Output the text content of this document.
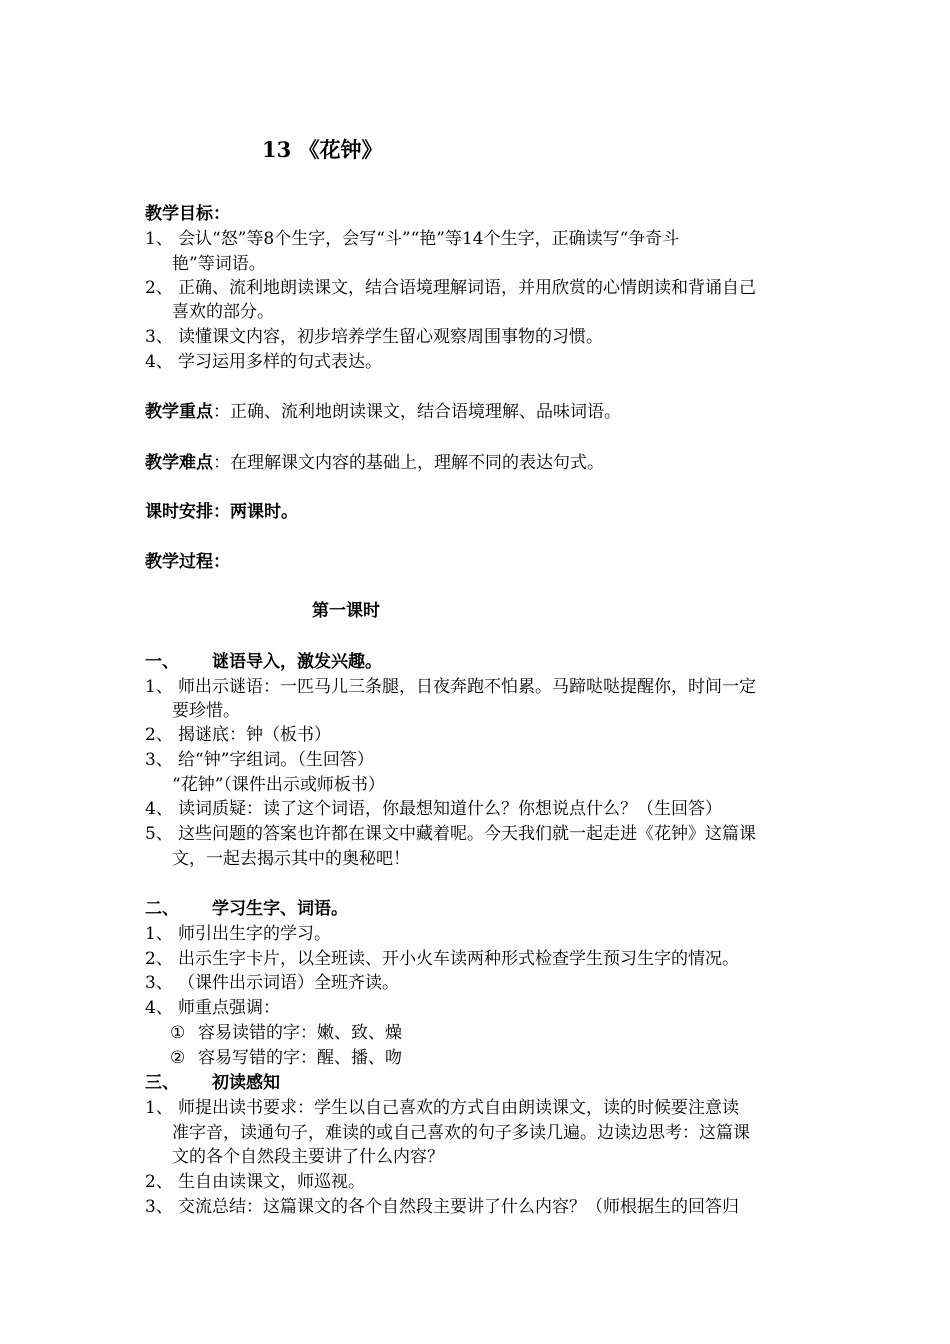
13 《花钟》
教学目标：
1、 会认“怒”等8个生字，会写“斗”“艳”等14个生字，正确读写“争奇斗
艳”等词语。
2、 正确、流利地朗读课文，结合语境理解词语，并用欣赏的心情朗读和背诵自己
喜欢的部分。
3、 读懂课文内容，初步培养学生留心观察周围事物的习惯。
4、 学习运用多样的句式表达。
教学重点：正确、流利地朗读课文，结合语境理解、品味词语。
教学难点：在理解课文内容的基础上，理解不同的表达句式。
课时安排：两课时。
教学过程：
第一课时
一、 谜语导入，激发兴趣。
1、 师出示谜语：一匹马儿三条腿，日夜奔跑不怕累。马蹄哒哒提醒你，时间一定
要珍惜。
2、 揭谜底：钟（板书）
3、 给“钟”字组词。（生回答）
“花钟”（课件出示或师板书）
4、 读词质疑：读了这个词语，你最想知道什么？你想说点什么？（生回答）
5、 这些问题的答案也许都在课文中藏着呢。今天我们就一起走进《花钟》这篇课
文，一起去揭示其中的奥秘吧！
二、 学习生字、词语。
1、 师引出生字的学习。
2、 出示生字卡片，以全班读、开小火车读两种形式检查学生预习生字的情况。
3、 （课件出示词语）全班齐读。
4、 师重点强调：
① 容易读错的字：嫩、致、燥
② 容易写错的字：醒、播、吻
三、 初读感知
1、 师提出读书要求：学生以自己喜欢的方式自由朗读课文，读的时候要注意读
准字音，读通句子，难读的或自己喜欢的句子多读几遍。边读边思考：这篇课
文的各个自然段主要讲了什么内容？
2、 生自由读课文，师巡视。
3、 交流总结：这篇课文的各个自然段主要讲了什么内容？（师根据生的回答归
